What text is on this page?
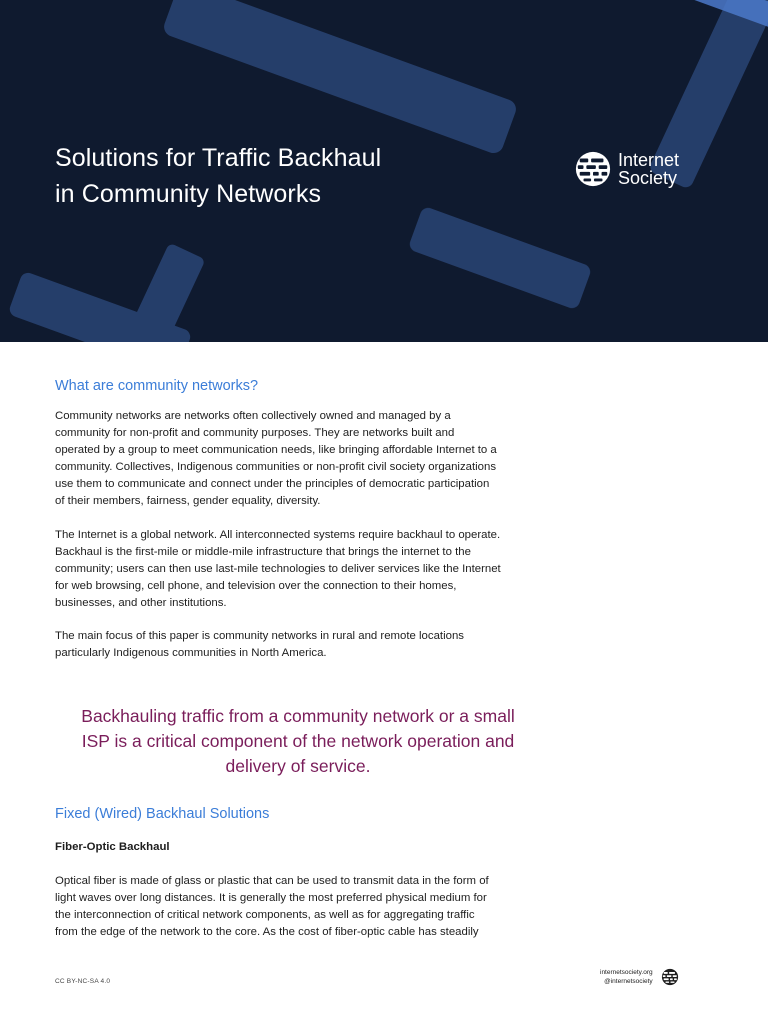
Solutions for Traffic Backhaul
in Community Networks
Internet
Society
What are community networks?
Community networks are networks often collectively owned and managed by a
community for non-profit and community purposes. They are networks built and
operated by a group to meet communication needs, like bringing affordable Internet to a
community. Collectives, Indigenous communities or non-profit civil society organizations
use them to communicate and connect under the principles of democratic participation
of their members, fairness, gender equality, diversity.
The Internet is a global network. All interconnected systems require backhaul to operate.
Backhaul is the first-mile or middle-mile infrastructure that brings the internet to the
community; users can then use last-mile technologies to deliver services like the Internet
for web browsing, cell phone, and television over the connection to their homes,
businesses, and other institutions.
The main focus of this paper is community networks in rural and remote locations
particularly Indigenous communities in North America.
Backhauling traffic from a community network or a small
ISP is a critical component of the network operation and
delivery of service.
Fixed (Wired) Backhaul Solutions
Fiber-Optic Backhaul
Optical fiber is made of glass or plastic that can be used to transmit data in the form of
light waves over long distances. It is generally the most preferred physical medium for
the interconnection of critical network components, as well as for aggregating traffic
from the edge of the network to the core. As the cost of fiber-optic cable has steadily
CC BY-NC-SA 4.0
internetsociety.org
@internetsociety
